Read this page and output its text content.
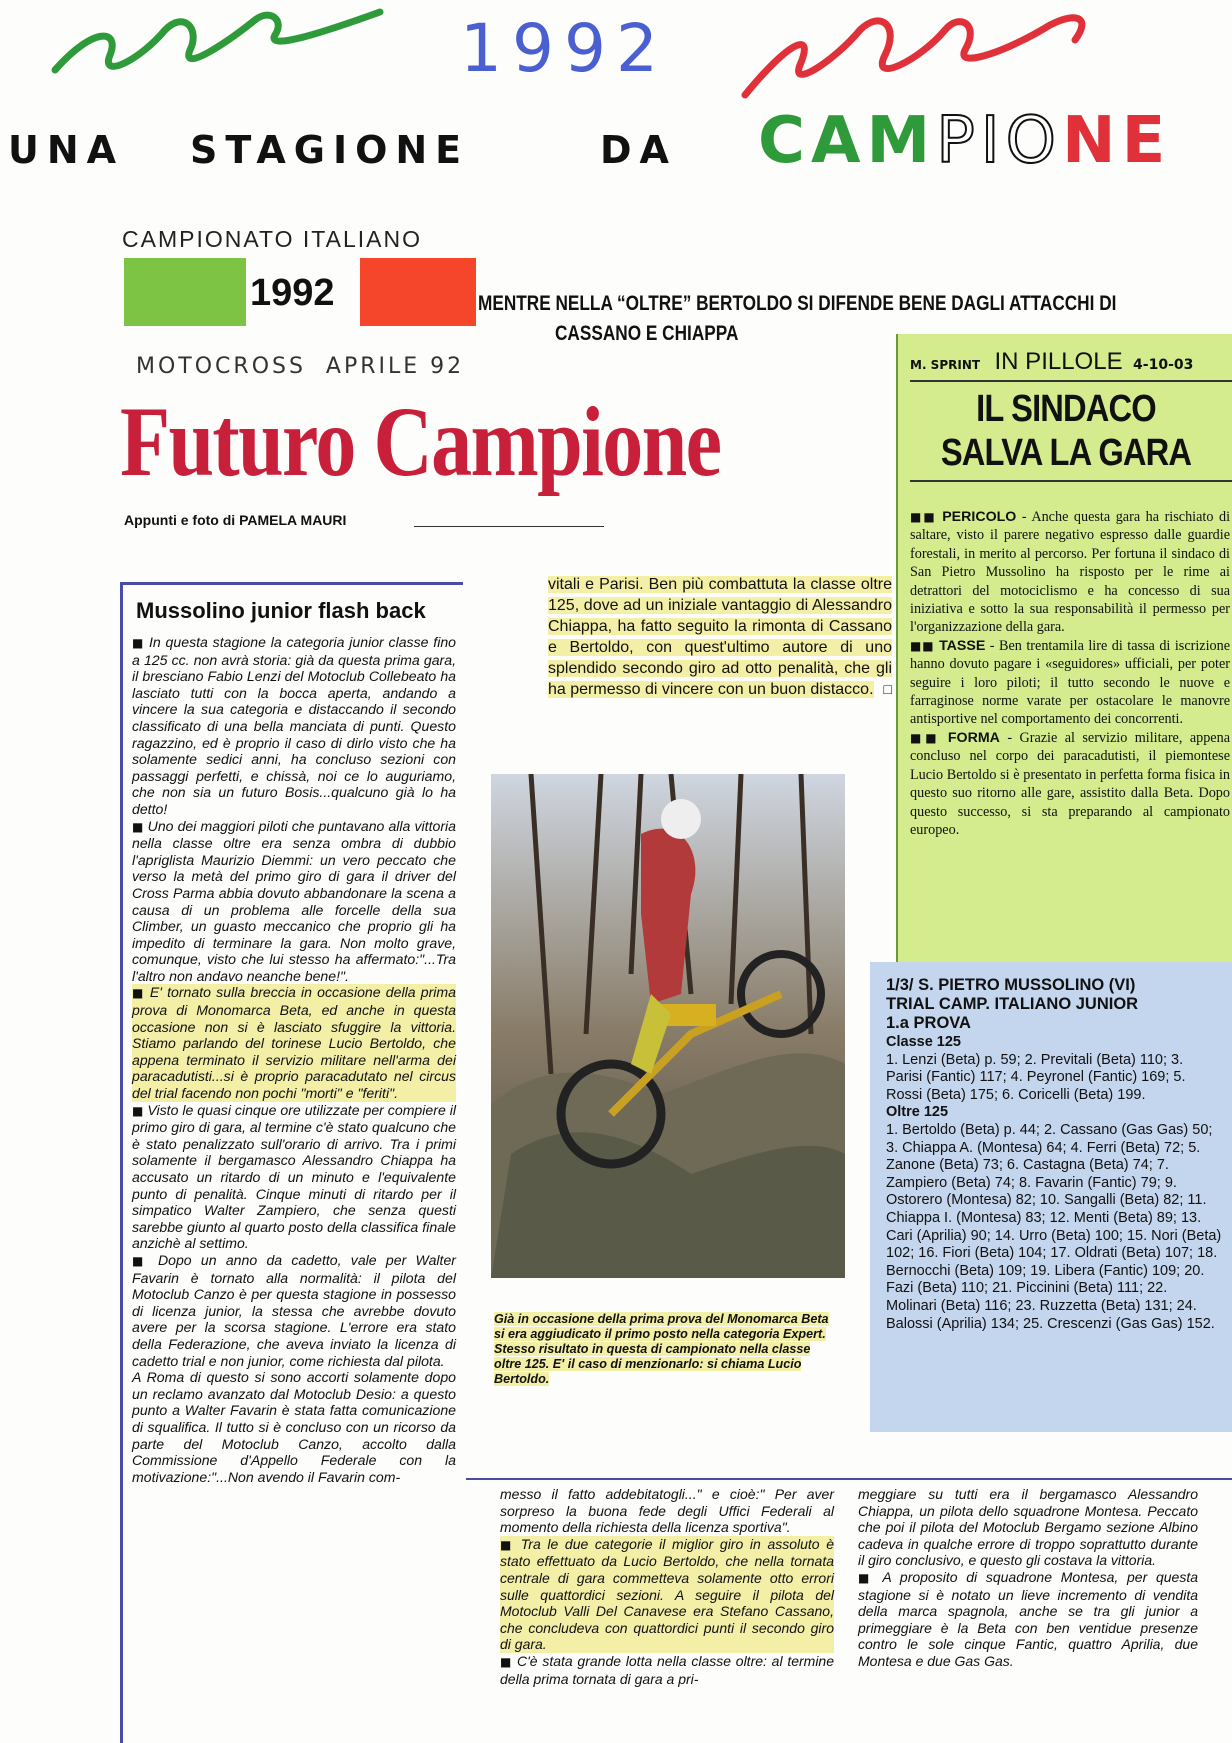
1992
UNA STAGIONE	DA CAMPIONE
CAMPIONATO ITALIANO
1992	MENTRE NELLA “OLTRE” BERTOLDO SI DIFENDE BENE DAGLI ATTACCHI DI
CASSANO E CHIAPPA
MOTOCROSS  APRILE 92
Futuro Campione
Appunti e foto di PAMELA MAURI
Mussolino junior flash back

■ In questa stagione la categoria junior classe fino a 125 cc. non avrà storia: già da questa prima gara, il bresciano Fabio Lenzi del Motoclub Collebeato ha lasciato tutti con la bocca aperta, andando a vincere la sua categoria e distaccando il secondo classificato di una bella manciata di punti. Questo ragazzino, ed è proprio il caso di dirlo visto che ha solamente sedici anni, ha concluso sezioni con passaggi perfetti, e chissà, noi ce lo auguriamo, che non sia un futuro Bosis...qualcuno già lo ha detto!

■ Uno dei maggiori piloti che puntavano alla vittoria nella classe oltre era senza ombra di dubbio l'apriglista Maurizio Diemmi: un vero peccato che verso la metà del primo giro di gara il driver del Cross Parma abbia dovuto abbandonare la scena a causa di un problema alle forcelle della sua Climber, un guasto meccanico che proprio gli ha impedito di terminare la gara. Non molto grave, comunque, visto che lui stesso ha affermato:"...Tra l'altro non andavo neanche bene!".

■ E' tornato sulla breccia in occasione della prima prova di Monomarca Beta, ed anche in questa occasione non si è lasciato sfuggire la vittoria. Stiamo parlando del torinese Lucio Bertoldo, che appena terminato il servizio militare nell'arma dei paracadutisti...si è proprio paracadutato nel circus del trial facendo non pochi "morti" e "feriti".

■ Visto le quasi cinque ore utilizzate per compiere il primo giro di gara, al termine c'è stato qualcuno che è stato penalizzato sull'orario di arrivo. Tra i primi solamente il bergamasco Alessandro Chiappa ha accusato un ritardo di un minuto e l'equivalente punto di penalità. Cinque minuti di ritardo per il simpatico Walter Zampiero, che senza questi sarebbe giunto al quarto posto della classifica finale anzichè al settimo.

■ Dopo un anno da cadetto, vale per Walter Favarin è tornato alla normalità: il pilota del Motoclub Canzo è per questa stagione in possesso di licenza junior, la stessa che avrebbe dovuto avere per la scorsa stagione. L'errore era stato della Federazione, che aveva inviato la licenza di cadetto trial e non junior, come richiesta dal pilota.

A Roma di questo si sono accorti solamente dopo un reclamo avanzato dal Motoclub Desio: a questo punto a Walter Favarin è stata fatta comunicazione di squalifica. Il tutto si è concluso con un ricorso da parte del Motoclub Canzo, accolto dalla Commissione d'Appello Federale con la motivazione:"...Non avendo il Favarin com-

vitali e Parisi. Ben più combattuta la classe oltre 125, dove ad un iniziale vantaggio di Alessandro Chiappa, ha fatto seguito la rimonta di Cassano e Bertoldo, con quest'ultimo autore di uno splendido secondo giro ad otto penalità, che gli ha permesso di vincere con un buon distacco. □
Già in occasione della prima prova del Monomarca Beta si era aggiudicato il primo posto nella categoria Expert. Stesso risultato in questa di campionato nella classe oltre 125. E' il caso di menzionarlo: si chiama Lucio Bertoldo.

messo il fatto addebitatogli..." e cioè:" Per aver sorpreso la buona fede degli Uffici Federali al momento della richiesta della licenza sportiva".

■ Tra le due categorie il miglior giro in assoluto è stato effettuato da Lucio Bertoldo, che nella tornata centrale di gara commetteva solamente otto errori sulle quattordici sezioni. A seguire il pilota del Motoclub Valli Del Canavese era Stefano Cassano, che concludeva con quattordici punti il secondo giro di gara.

■ C'è stata grande lotta nella classe oltre: al termine della prima tornata di gara a pri-

meggiare su tutti era il bergamasco Alessandro Chiappa, un pilota dello squadrone Montesa. Peccato che poi il pilota del Motoclub Bergamo sezione Albino cadeva in qualche errore di troppo soprattutto durante il giro conclusivo, e questo gli costava la vittoria.

■ A proposito di squadrone Montesa, per questa stagione si è notato un lieve incremento di vendita della marca spagnola, anche se tra gli junior a primeggiare è la Beta con ben ventidue presenze contro le sole cinque Fantic, quattro Aprilia, due Montesa e due Gas Gas.

M. SPRINT IN PILLOLE 4-10-03
IL SINDACO
SALVA LA GARA

■■ PERICOLO - Anche questa gara ha rischiato di saltare, visto il parere negativo espresso dalle guardie forestali, in merito al percorso. Per fortuna il sindaco di San Pietro Mussolino ha risposto per le rime ai detrattori del motociclismo e ha concesso di sua iniziativa e sotto la sua responsabilità il permesso per l'organizzazione della gara.

■■ TASSE - Ben trentamila lire di tassa di iscrizione hanno dovuto pagare i «seguidores» ufficiali, per poter seguire i loro piloti; il tutto secondo le nuove e farraginose norme varate per ostacolare le manovre antisportive nel comportamento dei concorrenti.

■■ FORMA - Grazie al servizio militare, appena concluso nel corpo dei paracadutisti, il piemontese Lucio Bertoldo si è presentato in perfetta forma fisica in questo suo ritorno alle gare, assistito dalla Beta. Dopo questo successo, si sta preparando al campionato europeo.

1/3/ S. PIETRO MUSSOLINO (VI)
TRIAL CAMP. ITALIANO JUNIOR
1.a PROVA
Classe 125
1. Lenzi (Beta) p. 59; 2. Previtali (Beta) 110; 3. Parisi (Fantic) 117; 4. Peyronel (Fantic) 169; 5. Rossi (Beta) 175; 6. Coricelli (Beta) 199.
Oltre 125
1. Bertoldo (Beta) p. 44; 2. Cassano (Gas Gas) 50; 3. Chiappa A. (Montesa) 64; 4. Ferri (Beta) 72; 5. Zanone (Beta) 73; 6. Castagna (Beta) 74; 7. Zampiero (Beta) 74; 8. Favarin (Fantic) 79; 9. Ostorero (Montesa) 82; 10. Sangalli (Beta) 82; 11. Chiappa I. (Montesa) 83; 12. Menti (Beta) 89; 13. Cari (Aprilia) 90; 14. Urro (Beta) 100; 15. Nori (Beta) 102; 16. Fiori (Beta) 104; 17. Oldrati (Beta) 107; 18. Bernocchi (Beta) 109; 19. Libera (Fantic) 109; 20. Fazi (Beta) 110; 21. Piccinini (Beta) 111; 22. Molinari (Beta) 116; 23. Ruzzetta (Beta) 131; 24. Balossi (Aprilia) 134; 25. Crescenzi (Gas Gas) 152.
